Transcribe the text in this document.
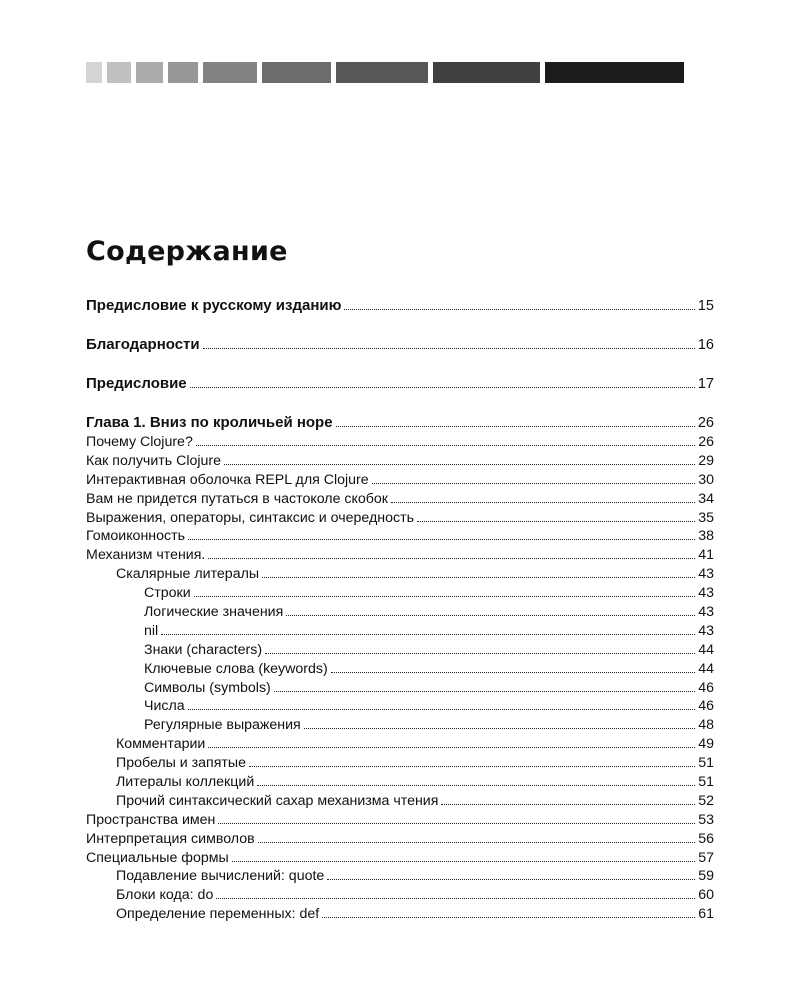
Содержание
Предисловие к русскому изданию	15
Благодарности	16
Предисловие	17
Глава 1. Вниз по кроличьей норе	26
Почему Clojure?	26
Как получить Clojure	29
Интерактивная оболочка REPL для Clojure	30
Вам не придется путаться в частоколе скобок	34
Выражения, операторы, синтаксис и очередность	35
Гомоиконность	38
Механизм чтения.	41
Скалярные литералы	43
Строки	43
Логические значения	43
nil	43
Знаки (characters)	44
Ключевые слова (keywords)	44
Символы (symbols)	46
Числа	46
Регулярные выражения	48
Комментарии	49
Пробелы и запятые	51
Литералы коллекций	51
Прочий синтаксический сахар механизма чтения	52
Пространства имен	53
Интерпретация символов	56
Специальные формы	57
Подавление вычислений: quote	59
Блоки кода: do	60
Определение переменных: def	61
